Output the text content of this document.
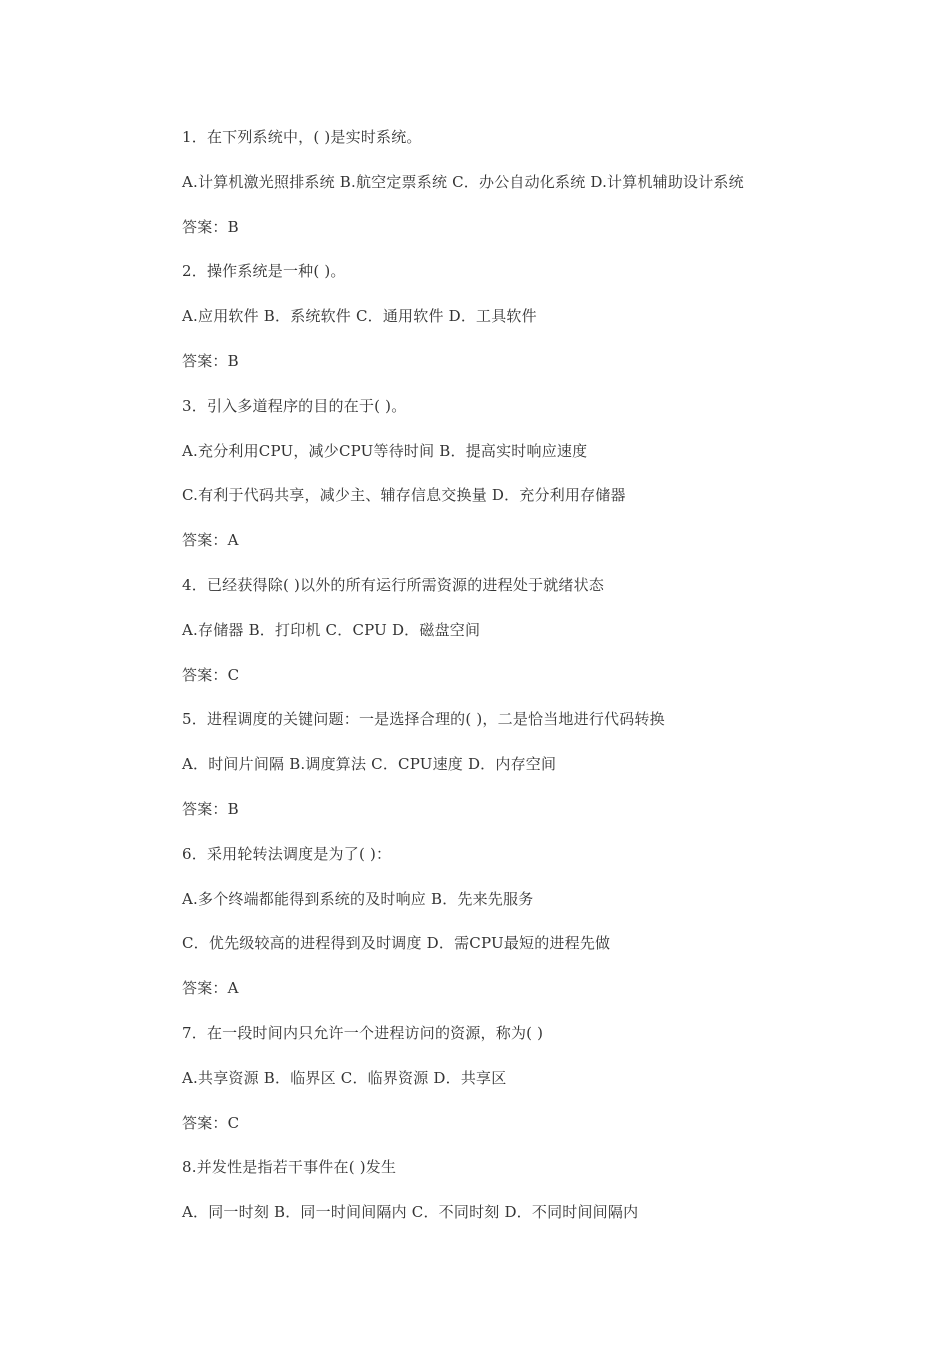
1．在下列系统中，( )是实时系统。
A.计算机激光照排系统 B.航空定票系统 C．办公自动化系统 D.计算机辅助设计系统
答案：B
2．操作系统是一种( )。
A.应用软件 B．系统软件 C．通用软件 D．工具软件
答案：B
3．引入多道程序的目的在于( )。
A.充分利用CPU，减少CPU等待时间 B．提高实时响应速度
C.有利于代码共享，减少主、辅存信息交换量 D．充分利用存储器
答案：A
4．已经获得除( )以外的所有运行所需资源的进程处于就绪状态
A.存储器 B．打印机 C．CPU D．磁盘空间
答案：C
5．进程调度的关键问题：一是选择合理的( )，二是恰当地进行代码转换
A．时间片间隔 B.调度算法 C．CPU速度 D．内存空间
答案：B
6．采用轮转法调度是为了( )：
A.多个终端都能得到系统的及时响应 B．先来先服务
C．优先级较高的进程得到及时调度 D．需CPU最短的进程先做
答案：A
7．在一段时间内只允许一个进程访问的资源，称为( )
A.共享资源 B．临界区 C．临界资源 D．共享区
答案：C
8.并发性是指若干事件在( )发生
A．同一时刻 B．同一时间间隔内 C．不同时刻 D．不同时间间隔内
